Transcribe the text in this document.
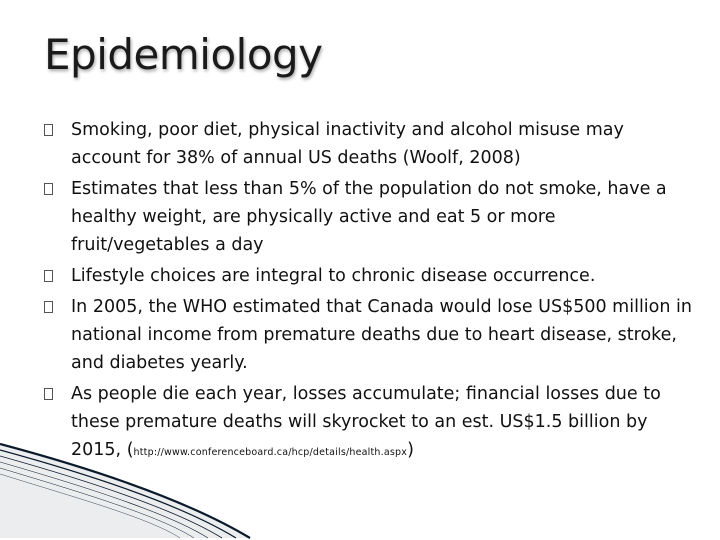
Epidemiology
Smoking, poor diet, physical inactivity and alcohol misuse may account for 38% of annual US deaths (Woolf, 2008)
Estimates that less than 5% of the population do not smoke, have a healthy weight, are physically active and eat 5 or more fruit/vegetables a day
Lifestyle choices are integral to chronic disease occurrence.
In 2005, the WHO estimated that Canada would lose US$500 million in national income from premature deaths due to heart disease, stroke, and diabetes yearly.
As people die each year, losses accumulate; financial losses due to these premature deaths will skyrocket to an est. US$1.5 billion by 2015, (http://www.conferenceboard.ca/hcp/details/health.aspx)
